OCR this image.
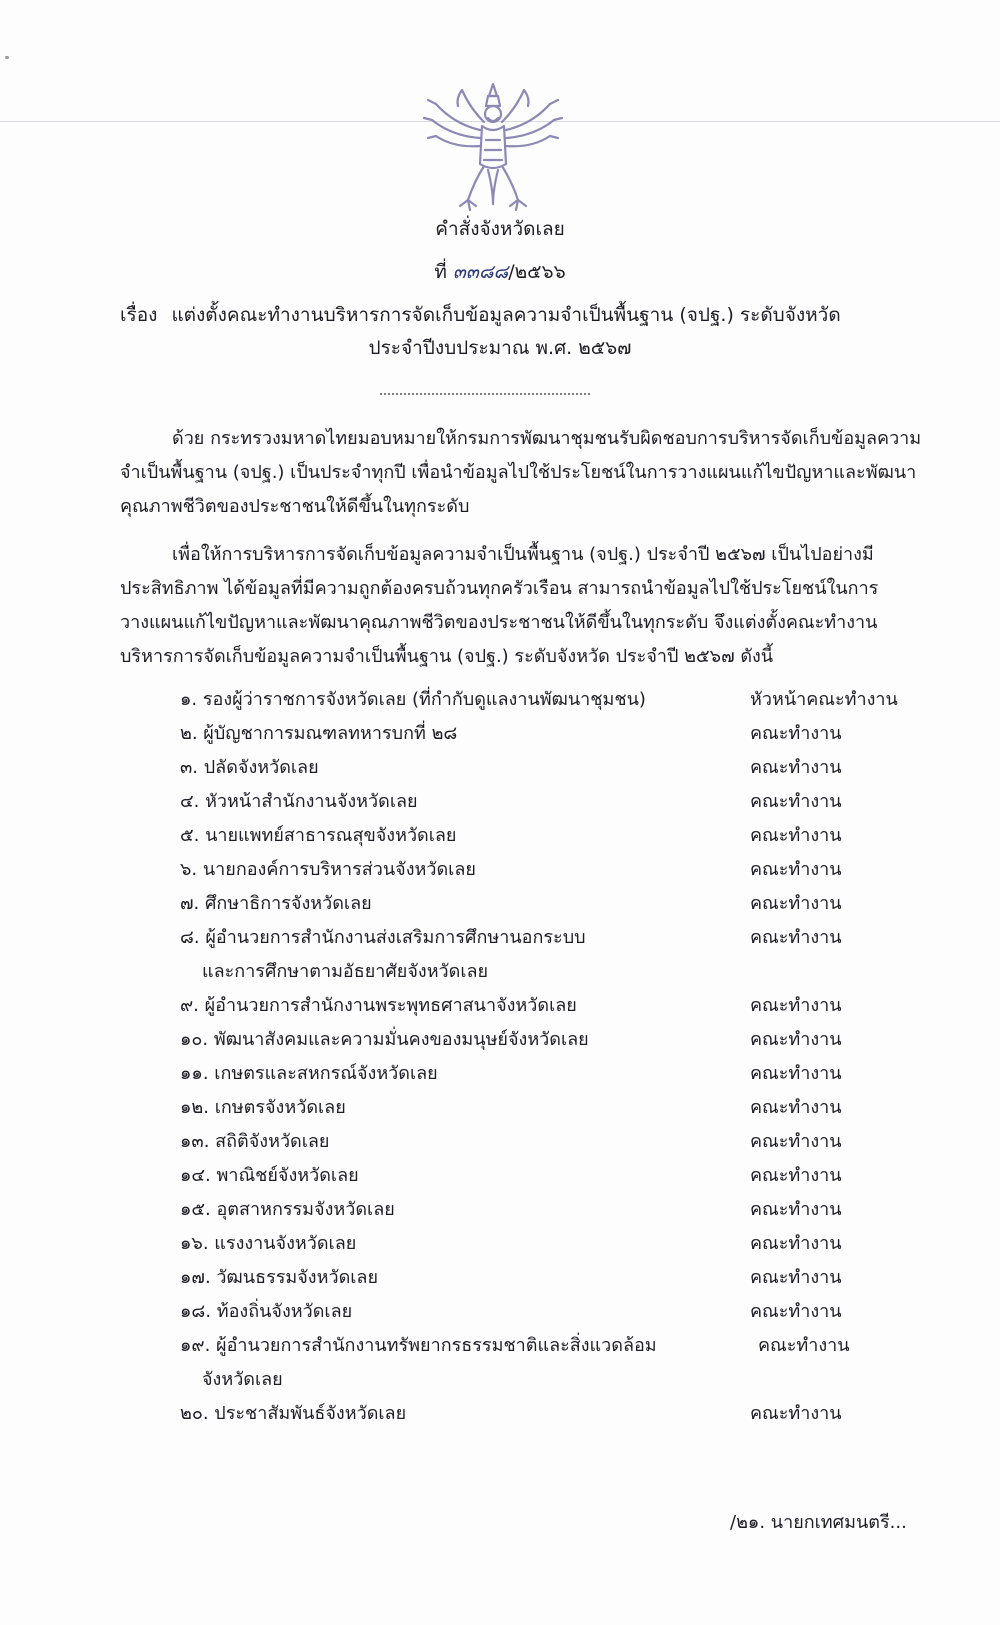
คำสั่งจังหวัดเลย
ที่ ๓๓๘๘/๒๕๖๖
เรื่อง แต่งตั้งคณะทำงานบริหารการจัดเก็บข้อมูลความจำเป็นพื้นฐาน (จปฐ.) ระดับจังหวัด
ประจำปีงบประมาณ พ.ศ. ๒๕๖๗
ด้วย กระทรวงมหาดไทยมอบหมายให้กรมการพัฒนาชุมชนรับผิดชอบการบริหารจัดเก็บข้อมูลความจำเป็นพื้นฐาน (จปฐ.) เป็นประจำทุกปี เพื่อนำข้อมูลไปใช้ประโยชน์ในการวางแผนแก้ไขปัญหาและพัฒนาคุณภาพชีวิตของประชาชนให้ดีขึ้นในทุกระดับ
เพื่อให้การบริหารการจัดเก็บข้อมูลความจำเป็นพื้นฐาน (จปฐ.) ประจำปี ๒๕๖๗ เป็นไปอย่างมีประสิทธิภาพ ได้ข้อมูลที่มีความถูกต้องครบถ้วนทุกครัวเรือน สามารถนำข้อมูลไปใช้ประโยชน์ในการวางแผนแก้ไขปัญหาและพัฒนาคุณภาพชีวิตของประชาชนให้ดีขึ้นในทุกระดับ จึงแต่งตั้งคณะทำงานบริหารการจัดเก็บข้อมูลความจำเป็นพื้นฐาน (จปฐ.) ระดับจังหวัด ประจำปี ๒๕๖๗ ดังนี้
๑. รองผู้ว่าราชการจังหวัดเลย (ที่กำกับดูแลงานพัฒนาชุมชน)	หัวหน้าคณะทำงาน
๒. ผู้บัญชาการมณฑลทหารบกที่ ๒๘	คณะทำงาน
๓. ปลัดจังหวัดเลย	คณะทำงาน
๔. หัวหน้าสำนักงานจังหวัดเลย	คณะทำงาน
๕. นายแพทย์สาธารณสุขจังหวัดเลย	คณะทำงาน
๖. นายกองค์การบริหารส่วนจังหวัดเลย	คณะทำงาน
๗. ศึกษาธิการจังหวัดเลย	คณะทำงาน
๘. ผู้อำนวยการสำนักงานส่งเสริมการศึกษานอกระบบ	คณะทำงาน
และการศึกษาตามอัธยาศัยจังหวัดเลย
๙. ผู้อำนวยการสำนักงานพระพุทธศาสนาจังหวัดเลย	คณะทำงาน
๑๐. พัฒนาสังคมและความมั่นคงของมนุษย์จังหวัดเลย	คณะทำงาน
๑๑. เกษตรและสหกรณ์จังหวัดเลย	คณะทำงาน
๑๒. เกษตรจังหวัดเลย	คณะทำงาน
๑๓. สถิติจังหวัดเลย	คณะทำงาน
๑๔. พาณิชย์จังหวัดเลย	คณะทำงาน
๑๕. อุตสาหกรรมจังหวัดเลย	คณะทำงาน
๑๖. แรงงานจังหวัดเลย	คณะทำงาน
๑๗. วัฒนธรรมจังหวัดเลย	คณะทำงาน
๑๘. ท้องถิ่นจังหวัดเลย	คณะทำงาน
๑๙. ผู้อำนวยการสำนักงานทรัพยากรธรรมชาติและสิ่งแวดล้อม	คณะทำงาน
จังหวัดเลย
๒๐. ประชาสัมพันธ์จังหวัดเลย	คณะทำงาน
/๒๑. นายกเทศมนตรี...
